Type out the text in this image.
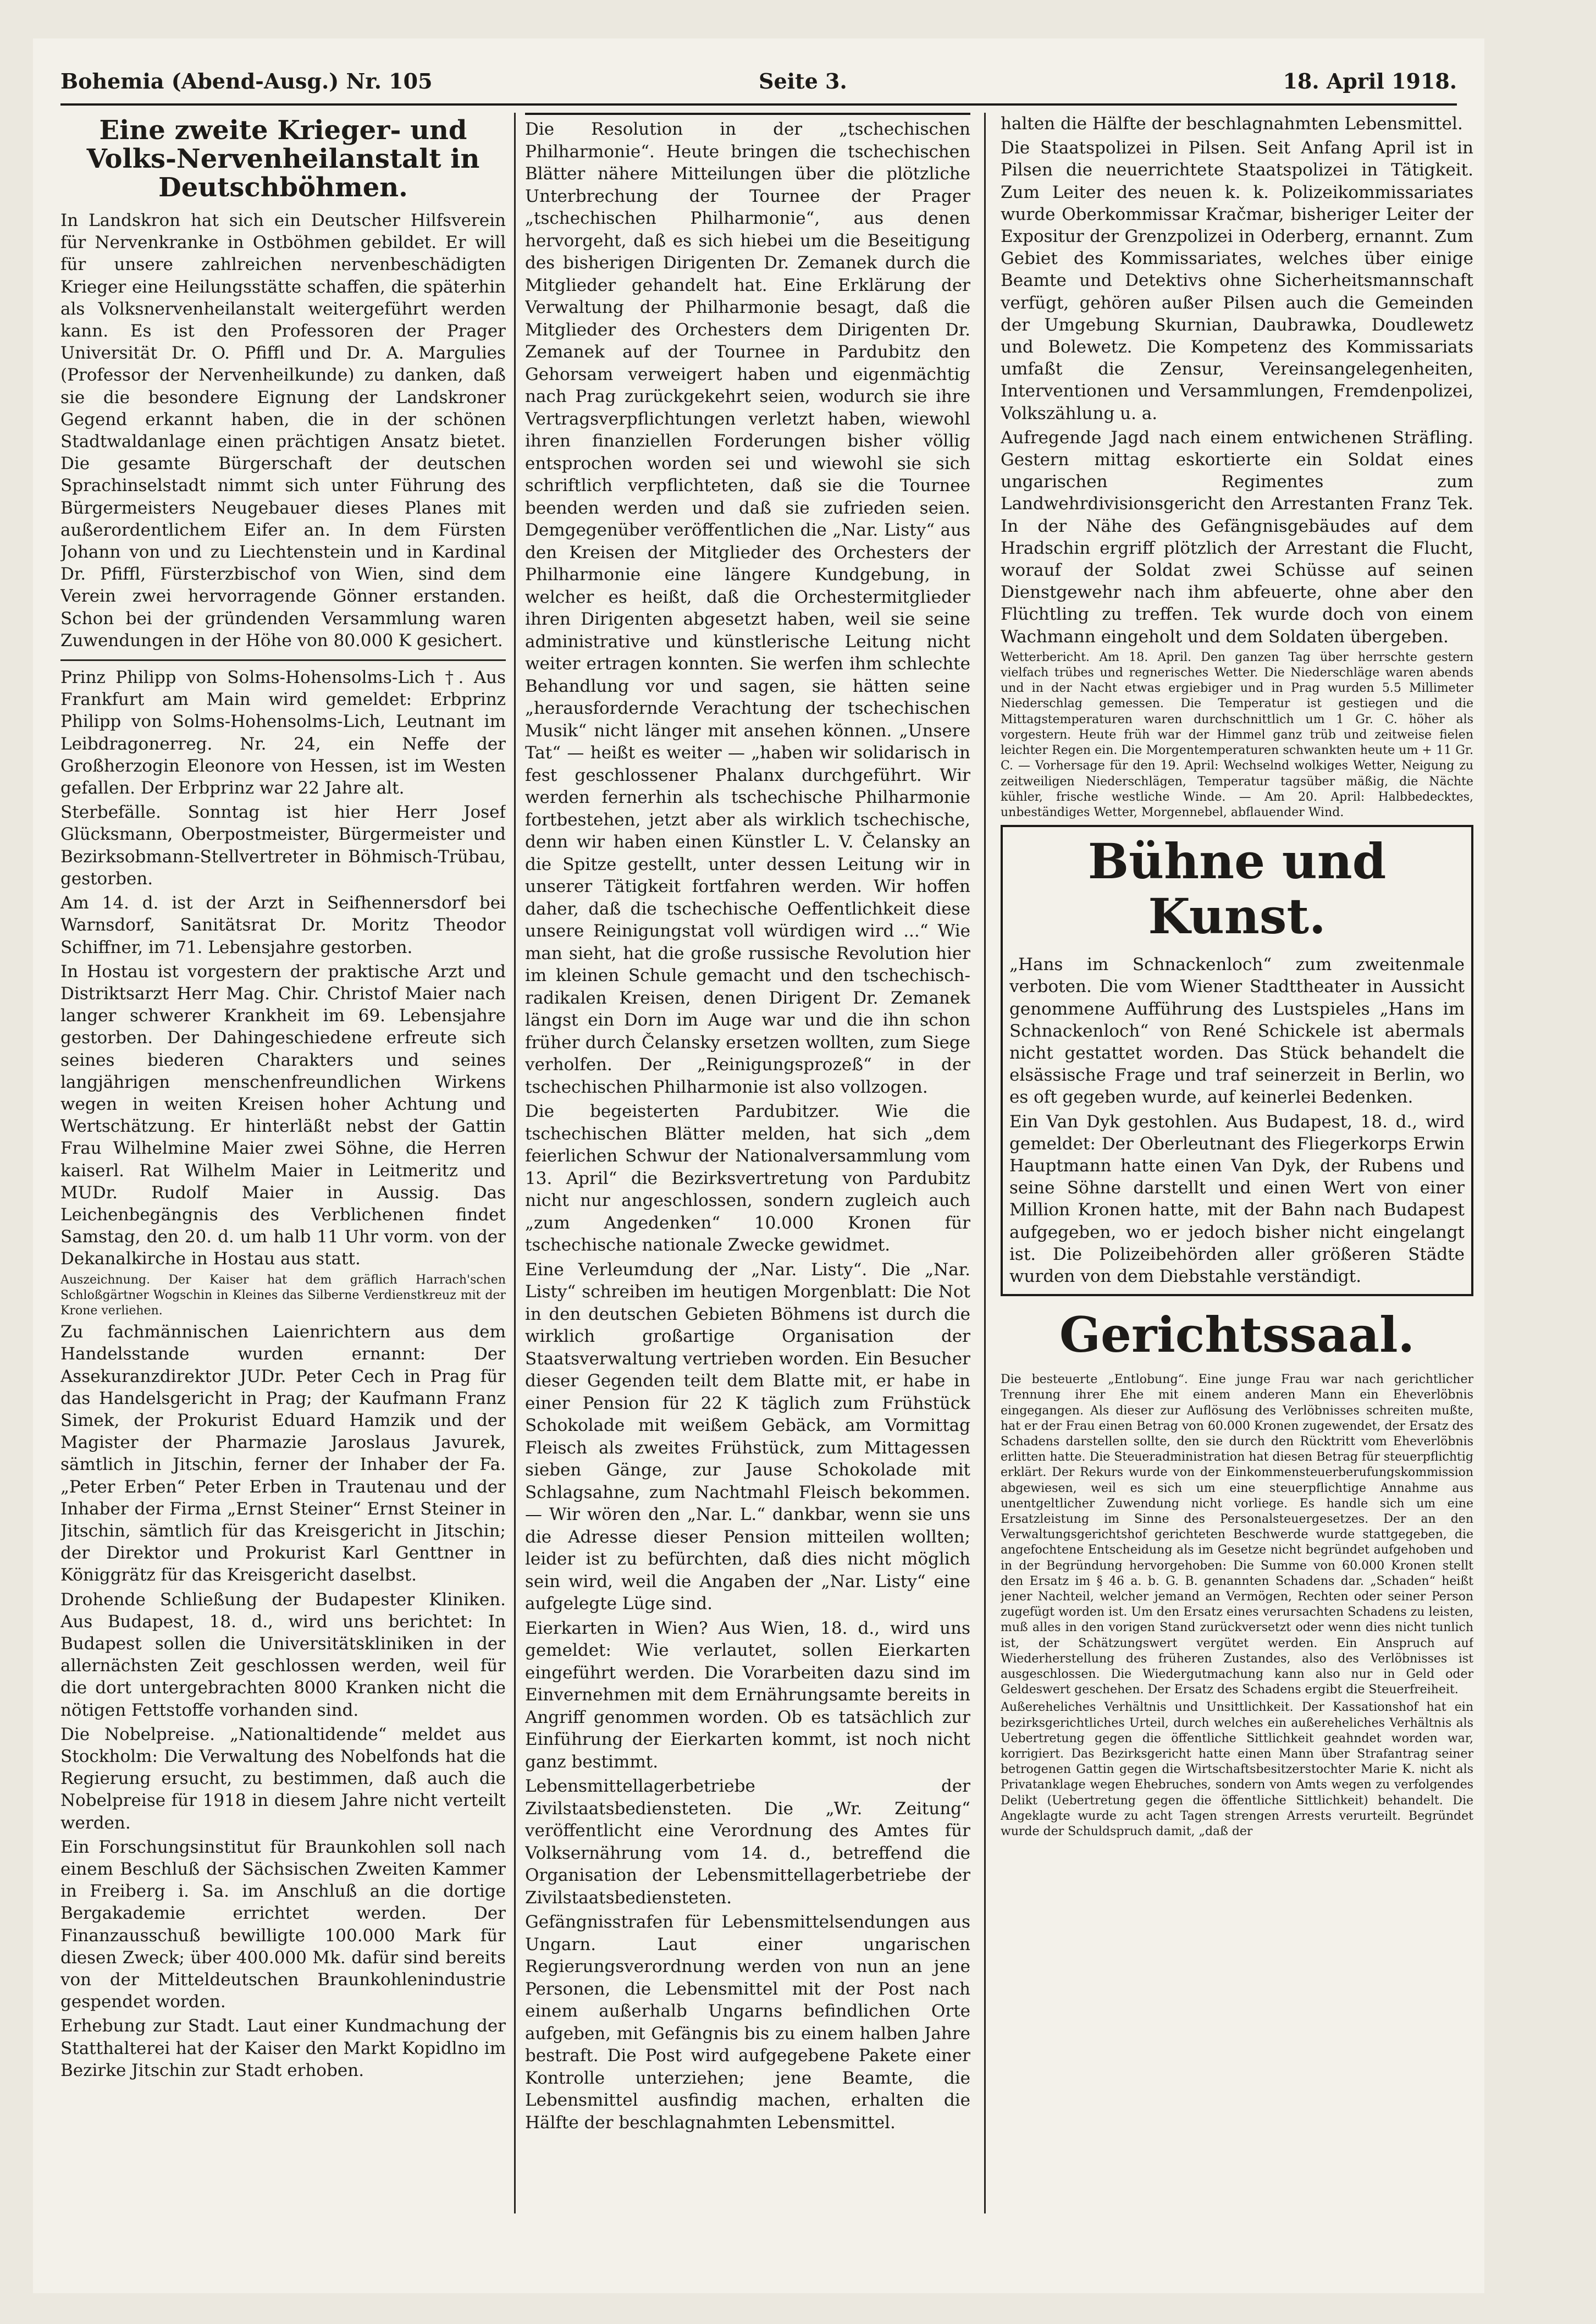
Bohemia (Abend-Ausg.) Nr. 105	Seite 3.	18. April 1918.
Eine zweite Krieger- und Volks-Nervenheilanstalt in Deutschböhmen.

In Landskron hat sich ein Deutscher Hilfsverein für Nervenkranke in Ostböhmen gebildet. Er will für unsere zahlreichen nervenbeschädigten Krieger eine Heilungsstätte schaffen, die späterhin als Volksnervenheilanstalt weitergeführt werden kann. Es ist den Professoren der Prager Universität Dr. O. Pfiffl und Dr. A. Margulies (Professor der Nervenheilkunde) zu danken, daß sie die besondere Eignung der Landskroner Gegend erkannt haben, die in der schönen Stadtwaldanlage einen prächtigen Ansatz bietet. Die gesamte Bürgerschaft der deutschen Sprachinselstadt nimmt sich unter Führung des Bürgermeisters Neugebauer dieses Planes mit außerordentlichem Eifer an. In dem Fürsten Johann von und zu Liechtenstein und in Kardinal Dr. Pfiffl, Fürsterzbischof von Wien, sind dem Verein zwei hervorragende Gönner erstanden. Schon bei der gründenden Versammlung waren Zuwendungen in der Höhe von 80.000 K gesichert.

Prinz Philipp von Solms-Hohensolms-Lich †. Aus Frankfurt am Main wird gemeldet: Erbprinz Philipp von Solms-Hohensolms-Lich, Leutnant im Leibdragonerreg. Nr. 24, ein Neffe der Großherzogin Eleonore von Hessen, ist im Westen gefallen. Der Erbprinz war 22 Jahre alt.

Sterbefälle. Sonntag ist hier Herr Josef Glücksmann, Oberpostmeister, Bürgermeister und Bezirksobmann-Stellvertreter in Böhmisch-Trübau, gestorben.

Am 14. d. ist der Arzt in Seifhennersdorf bei Warnsdorf, Sanitätsrat Dr. Moritz Theodor Schiffner, im 71. Lebensjahre gestorben.

In Hostau ist vorgestern der praktische Arzt und Distriktsarzt Herr Mag. Chir. Christof Maier nach langer schwerer Krankheit im 69. Lebensjahre gestorben. Der Dahingeschiedene erfreute sich seines biederen Charakters und seines langjährigen menschenfreundlichen Wirkens wegen in weiten Kreisen hoher Achtung und Wertschätzung. Er hinterläßt nebst der Gattin Frau Wilhelmine Maier zwei Söhne, die Herren kaiserl. Rat Wilhelm Maier in Leitmeritz und MUDr. Rudolf Maier in Aussig. Das Leichenbegängnis des Verblichenen findet Samstag, den 20. d. um halb 11 Uhr vorm. von der Dekanalkirche in Hostau aus statt.

Auszeichnung. Der Kaiser hat dem gräflich Harrach'schen Schloßgärtner Wogschin in Kleines das Silberne Verdienstkreuz mit der Krone verliehen.

Zu fachmännischen Laienrichtern aus dem Handelsstande wurden ernannt: Der Assekuranzdirektor JUDr. Peter Cech in Prag für das Handelsgericht in Prag; der Kaufmann Franz Simek, der Prokurist Eduard Hamzik und der Magister der Pharmazie Jaroslaus Javurek, sämtlich in Jitschin, ferner der Inhaber der Fa. „Peter Erben“ Peter Erben in Trautenau und der Inhaber der Firma „Ernst Steiner“ Ernst Steiner in Jitschin, sämtlich für das Kreisgericht in Jitschin; der Direktor und Prokurist Karl Genttner in Königgrätz für das Kreisgericht daselbst.

Drohende Schließung der Budapester Kliniken. Aus Budapest, 18. d., wird uns berichtet: In Budapest sollen die Universitätskliniken in der allernächsten Zeit geschlossen werden, weil für die dort untergebrachten 8000 Kranken nicht die nötigen Fettstoffe vorhanden sind.

Die Nobelpreise. „Nationaltidende“ meldet aus Stockholm: Die Verwaltung des Nobelfonds hat die Regierung ersucht, zu bestimmen, daß auch die Nobelpreise für 1918 in diesem Jahre nicht verteilt werden.

Ein Forschungsinstitut für Braunkohlen soll nach einem Beschluß der Sächsischen Zweiten Kammer in Freiberg i. Sa. im Anschluß an die dortige Bergakademie errichtet werden. Der Finanzausschuß bewilligte 100.000 Mark für diesen Zweck; über 400.000 Mk. dafür sind bereits von der Mitteldeutschen Braunkohlenindustrie gespendet worden.

Erhebung zur Stadt. Laut einer Kundmachung der Statthalterei hat der Kaiser den Markt Kopidlno im Bezirke Jitschin zur Stadt erhoben.

Die Resolution in der „tschechischen Philharmonie“. Heute bringen die tschechischen Blätter nähere Mitteilungen über die plötzliche Unterbrechung der Tournee der Prager „tschechischen Philharmonie“, aus denen hervorgeht, daß es sich hiebei um die Beseitigung des bisherigen Dirigenten Dr. Zemanek durch die Mitglieder gehandelt hat. Eine Erklärung der Verwaltung der Philharmonie besagt, daß die Mitglieder des Orchesters dem Dirigenten Dr. Zemanek auf der Tournee in Pardubitz den Gehorsam verweigert haben und eigenmächtig nach Prag zurückgekehrt seien, wodurch sie ihre Vertragsverpflichtungen verletzt haben, wiewohl ihren finanziellen Forderungen bisher völlig entsprochen worden sei und wiewohl sie sich schriftlich verpflichteten, daß sie die Tournee beenden werden und daß sie zufrieden seien. Demgegenüber veröffentlichen die „Nar. Listy“ aus den Kreisen der Mitglieder des Orchesters der Philharmonie eine längere Kundgebung, in welcher es heißt, daß die Orchestermitglieder ihren Dirigenten abgesetzt haben, weil sie seine administrative und künstlerische Leitung nicht weiter ertragen konnten. Sie werfen ihm schlechte Behandlung vor und sagen, sie hätten seine „herausfordernde Verachtung der tschechischen Musik“ nicht länger mit ansehen können. „Unsere Tat“ — heißt es weiter — „haben wir solidarisch in fest geschlossener Phalanx durchgeführt. Wir werden fernerhin als tschechische Philharmonie fortbestehen, jetzt aber als wirklich tschechische, denn wir haben einen Künstler L. V. Čelansky an die Spitze gestellt, unter dessen Leitung wir in unserer Tätigkeit fortfahren werden. Wir hoffen daher, daß die tschechische Oeffentlichkeit diese unsere Reinigungstat voll würdigen wird ...“ Wie man sieht, hat die große russische Revolution hier im kleinen Schule gemacht und den tschechisch-radikalen Kreisen, denen Dirigent Dr. Zemanek längst ein Dorn im Auge war und die ihn schon früher durch Čelansky ersetzen wollten, zum Siege verholfen. Der „Reinigungsprozeß“ in der tschechischen Philharmonie ist also vollzogen.

Die begeisterten Pardubitzer. Wie die tschechischen Blätter melden, hat sich „dem feierlichen Schwur der Nationalversammlung vom 13. April“ die Bezirksvertretung von Pardubitz nicht nur angeschlossen, sondern zugleich auch „zum Angedenken“ 10.000 Kronen für tschechische nationale Zwecke gewidmet.

Eine Verleumdung der „Nar. Listy“. Die „Nar. Listy“ schreiben im heutigen Morgenblatt: Die Not in den deutschen Gebieten Böhmens ist durch die wirklich großartige Organisation der Staatsverwaltung vertrieben worden. Ein Besucher dieser Gegenden teilt dem Blatte mit, er habe in einer Pension für 22 K täglich zum Frühstück Schokolade mit weißem Gebäck, am Vormittag Fleisch als zweites Frühstück, zum Mittagessen sieben Gänge, zur Jause Schokolade mit Schlagsahne, zum Nachtmahl Fleisch bekommen. — Wir wören den „Nar. L.“ dankbar, wenn sie uns die Adresse dieser Pension mitteilen wollten; leider ist zu befürchten, daß dies nicht möglich sein wird, weil die Angaben der „Nar. Listy“ eine aufgelegte Lüge sind.

Eierkarten in Wien? Aus Wien, 18. d., wird uns gemeldet: Wie verlautet, sollen Eierkarten eingeführt werden. Die Vorarbeiten dazu sind im Einvernehmen mit dem Ernährungsamte bereits in Angriff genommen worden. Ob es tatsächlich zur Einführung der Eierkarten kommt, ist noch nicht ganz bestimmt.

Lebensmittellagerbetriebe der Zivilstaatsbediensteten. Die „Wr. Zeitung“ veröffentlicht eine Verordnung des Amtes für Volksernährung vom 14. d., betreffend die Organisation der Lebensmittellagerbetriebe der Zivilstaatsbediensteten.

Gefängnisstrafen für Lebensmittelsendungen aus Ungarn. Laut einer ungarischen Regierungsverordnung werden von nun an jene Personen, die Lebensmittel mit der Post nach einem außerhalb Ungarns befindlichen Orte aufgeben, mit Gefängnis bis zu einem halben Jahre bestraft. Die Post wird aufgegebene Pakete einer Kontrolle unterziehen; jene Beamte, die Lebensmittel ausfindig machen, erhalten die Hälfte der beschlagnahmten Lebensmittel.

halten die Hälfte der beschlagnahmten Lebensmittel.

Die Staatspolizei in Pilsen. Seit Anfang April ist in Pilsen die neuerrichtete Staatspolizei in Tätigkeit. Zum Leiter des neuen k. k. Polizeikommissariates wurde Oberkommissar Kračmar, bisheriger Leiter der Expositur der Grenzpolizei in Oderberg, ernannt. Zum Gebiet des Kommissariates, welches über einige Beamte und Detektivs ohne Sicherheitsmannschaft verfügt, gehören außer Pilsen auch die Gemeinden der Umgebung Skurnian, Daubrawka, Doudlewetz und Bolewetz. Die Kompetenz des Kommissariats umfaßt die Zensur, Vereinsangelegenheiten, Interventionen und Versammlungen, Fremdenpolizei, Volkszählung u. a.

Aufregende Jagd nach einem entwichenen Sträfling. Gestern mittag eskortierte ein Soldat eines ungarischen Regimentes zum Landwehrdivisionsgericht den Arrestanten Franz Tek. In der Nähe des Gefängnisgebäudes auf dem Hradschin ergriff plötzlich der Arrestant die Flucht, worauf der Soldat zwei Schüsse auf seinen Dienstgewehr nach ihm abfeuerte, ohne aber den Flüchtling zu treffen. Tek wurde doch von einem Wachmann eingeholt und dem Soldaten übergeben.

Wetterbericht. Am 18. April. Den ganzen Tag über herrschte gestern vielfach trübes und regnerisches Wetter. Die Niederschläge waren abends und in der Nacht etwas ergiebiger und in Prag wurden 5.5 Millimeter Niederschlag gemessen. Die Temperatur ist gestiegen und die Mittagstemperaturen waren durchschnittlich um 1 Gr. C. höher als vorgestern. Heute früh war der Himmel ganz trüb und zeitweise fielen leichter Regen ein. Die Morgentemperaturen schwankten heute um + 11 Gr. C. — Vorhersage für den 19. April: Wechselnd wolkiges Wetter, Neigung zu zeitweiligen Niederschlägen, Temperatur tagsüber mäßig, die Nächte kühler, frische westliche Winde. — Am 20. April: Halbbedecktes, unbeständiges Wetter, Morgennebel, abflauender Wind.

Bühne und Kunst.

„Hans im Schnackenloch“ zum zweitenmale verboten. Die vom Wiener Stadttheater in Aussicht genommene Aufführung des Lustspieles „Hans im Schnackenloch“ von René Schickele ist abermals nicht gestattet worden. Das Stück behandelt die elsässische Frage und traf seinerzeit in Berlin, wo es oft gegeben wurde, auf keinerlei Bedenken.

Ein Van Dyk gestohlen. Aus Budapest, 18. d., wird gemeldet: Der Oberleutnant des Fliegerkorps Erwin Hauptmann hatte einen Van Dyk, der Rubens und seine Söhne darstellt und einen Wert von einer Million Kronen hatte, mit der Bahn nach Budapest aufgegeben, wo er jedoch bisher nicht eingelangt ist. Die Polizeibehörden aller größeren Städte wurden von dem Diebstahle verständigt.

Gerichtssaal.

Die besteuerte „Entlobung“. Eine junge Frau war nach gerichtlicher Trennung ihrer Ehe mit einem anderen Mann ein Eheverlöbnis eingegangen. Als dieser zur Auflösung des Verlöbnisses schreiten mußte, hat er der Frau einen Betrag von 60.000 Kronen zugewendet, der Ersatz des Schadens darstellen sollte, den sie durch den Rücktritt vom Eheverlöbnis erlitten hatte. Die Steueradministration hat diesen Betrag für steuerpflichtig erklärt. Der Rekurs wurde von der Einkommensteuerberufungskommission abgewiesen, weil es sich um eine steuerpflichtige Annahme aus unentgeltlicher Zuwendung nicht vorliege. Es handle sich um eine Ersatzleistung im Sinne des Personalsteuergesetzes. Der an den Verwaltungsgerichtshof gerichteten Beschwerde wurde stattgegeben, die angefochtene Entscheidung als im Gesetze nicht begründet aufgehoben und in der Begründung hervorgehoben: Die Summe von 60.000 Kronen stellt den Ersatz im § 46 a. b. G. B. genannten Schadens dar. „Schaden“ heißt jener Nachteil, welcher jemand an Vermögen, Rechten oder seiner Person zugefügt worden ist. Um den Ersatz eines verursachten Schadens zu leisten, muß alles in den vorigen Stand zurückversetzt oder wenn dies nicht tunlich ist, der Schätzungswert vergütet werden. Ein Anspruch auf Wiederherstellung des früheren Zustandes, also des Verlöbnisses ist ausgeschlossen. Die Wiedergutmachung kann also nur in Geld oder Geldeswert geschehen. Der Ersatz des Schadens ergibt die Steuerfreiheit.

Außereheliches Verhältnis und Unsittlichkeit. Der Kassationshof hat ein bezirksgerichtliches Urteil, durch welches ein außereheliches Verhältnis als Uebertretung gegen die öffentliche Sittlichkeit geahndet worden war, korrigiert. Das Bezirksgericht hatte einen Mann über Strafantrag seiner betrogenen Gattin gegen die Wirtschaftsbesitzerstochter Marie K. nicht als Privatanklage wegen Ehebruches, sondern von Amts wegen zu verfolgendes Delikt (Uebertretung gegen die öffentliche Sittlichkeit) behandelt. Die Angeklagte wurde zu acht Tagen strengen Arrests verurteilt. Begründet wurde der Schuldspruch damit, „daß der
